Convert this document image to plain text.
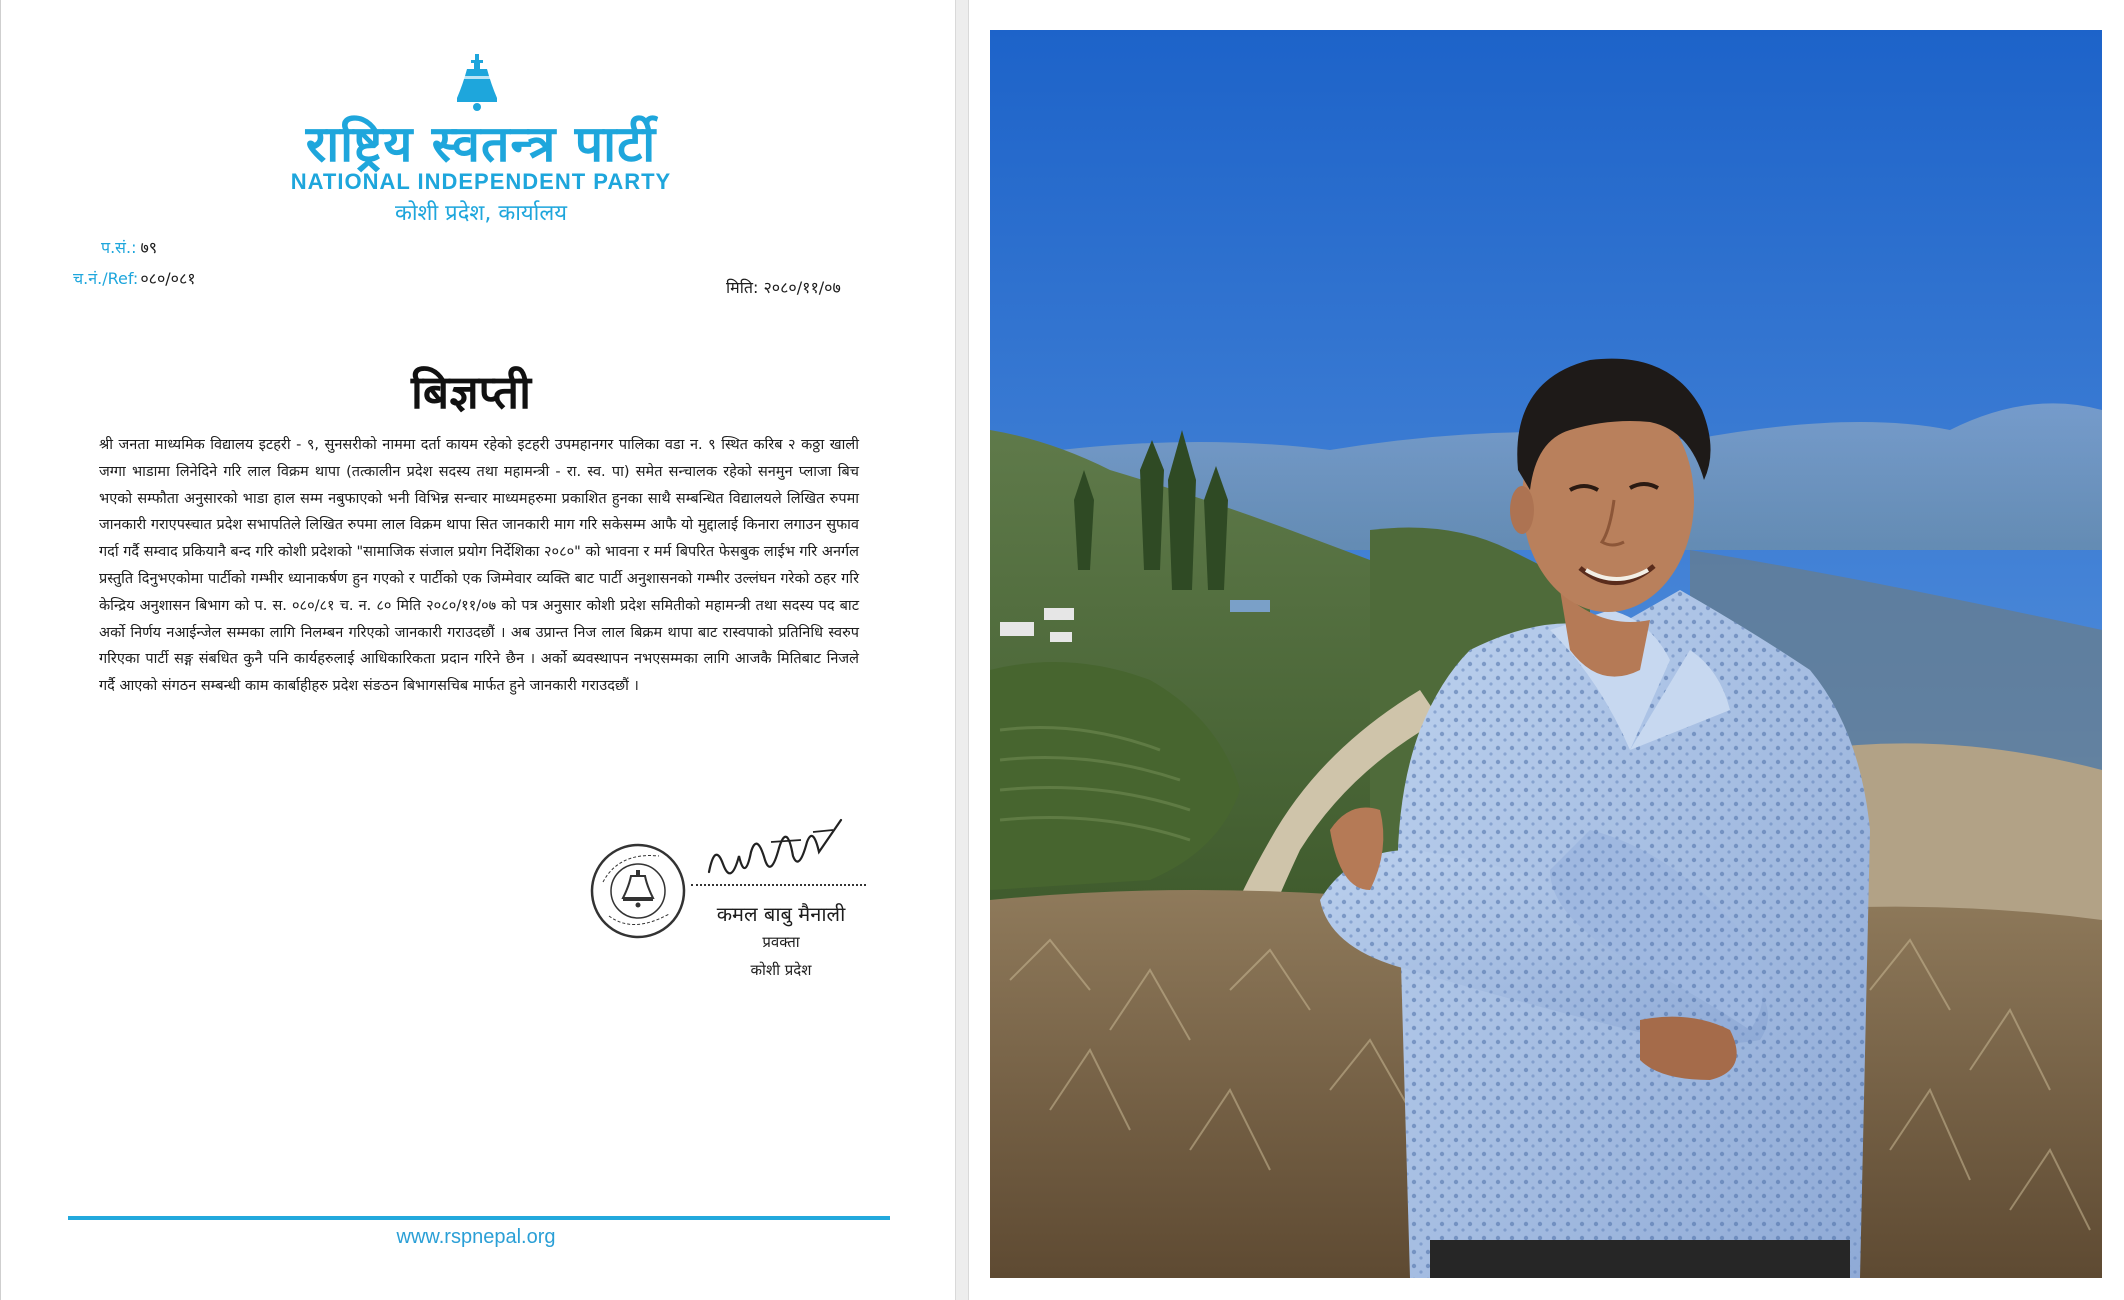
राष्ट्रिय स्वतन्त्र पार्टी
NATIONAL INDEPENDENT PARTY
कोशी प्रदेश, कार्यालय
प.सं.: ७९
च.नं./Ref: ०८०/०८१	मिति: २०८०/११/०७
बिज्ञप्ती
श्री जनता माध्यमिक विद्यालय इटहरी - ९, सुनसरीको नाममा दर्ता कायम रहेको इटहरी उपमहानगर पालिका वडा न. ९ स्थित करिब २ कठ्ठा खाली जग्गा भाडामा लिनेदिने गरि लाल विक्रम थापा (तत्कालीन प्रदेश सदस्य तथा महामन्त्री - रा. स्व. पा) समेत सन्चालक रहेको सनमुन प्लाजा बिच भएको सम्फौता अनुसारको भाडा हाल सम्म नबुफाएको भनी विभिन्न सन्चार माध्यमहरुमा प्रकाशित हुनका साथै सम्बन्धित विद्यालयले लिखित रुपमा जानकारी गराएपस्चात प्रदेश सभापतिले लिखित रुपमा लाल विक्रम थापा सित जानकारी माग गरि सकेसम्म आफै यो मुद्दालाई किनारा लगाउन सुफाव गर्दा गर्दै सम्वाद प्रकियानै बन्द गरि कोशी प्रदेशको "सामाजिक संजाल प्रयोग निर्देशिका २०८०" को भावना र मर्म बिपरित फेसबुक लाईभ गरि अनर्गल प्रस्तुति दिनुभएकोमा पार्टीको गम्भीर ध्यानाकर्षण हुन गएको र पार्टीको एक जिम्मेवार व्यक्ति बाट पार्टी अनुशासनको गम्भीर उल्लंघन गरेको ठहर गरि केन्द्रिय अनुशासन बिभाग को प. स. ०८०/८१ च. न. ८० मिति २०८०/११/०७ को पत्र अनुसार कोशी प्रदेश समितीको महामन्त्री तथा सदस्य पद बाट अर्को निर्णय नआईन्जेल सम्मका लागि निलम्बन गरिएको जानकारी गराउदछौं । अब उप्रान्त निज लाल बिक्रम थापा बाट रास्वपाको प्रतिनिधि स्वरुप गरिएका पार्टी सङ्ग संबधित कुनै पनि कार्यहरुलाई आधिकारिकता प्रदान गरिने छैन । अर्को ब्यवस्थापन नभएसम्मका लागि आजकै मितिबाट निजले गर्दै आएको संगठन सम्बन्धी काम कार्बाहीहरु प्रदेश संङठन बिभागसचिब मार्फत हुने जानकारी गराउदछौं ।
कमल बाबु मैनाली
प्रवक्ता
कोशी प्रदेश
www.rspnepal.org
